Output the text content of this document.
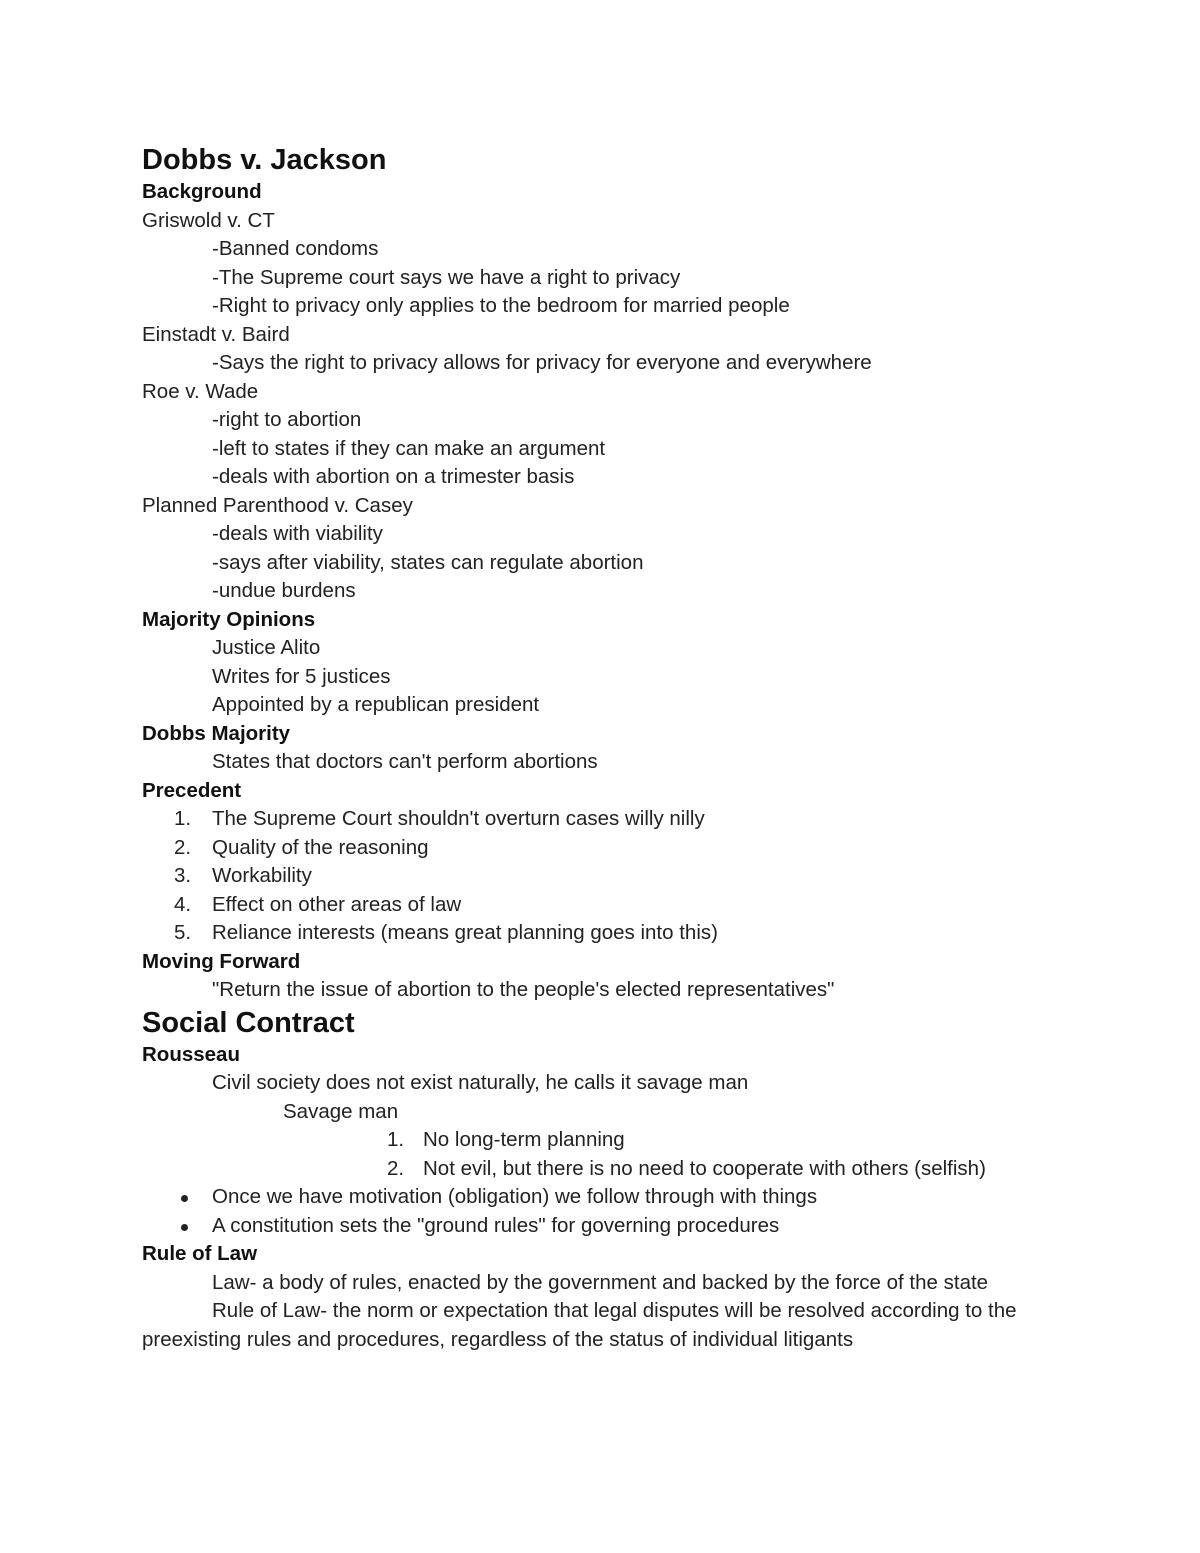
Dobbs v. Jackson
Background
Griswold v. CT
-Banned condoms
-The Supreme court says we have a right to privacy
-Right to privacy only applies to the bedroom for married people
Einstadt v. Baird
-Says the right to privacy allows for privacy for everyone and everywhere
Roe v. Wade
-right to abortion
-left to states if they can make an argument
-deals with abortion on a trimester basis
Planned Parenthood v. Casey
-deals with viability
-says after viability, states can regulate abortion
-undue burdens
Majority Opinions
Justice Alito
Writes for 5 justices
Appointed by a republican president
Dobbs Majority
States that doctors can't perform abortions
Precedent
1. The Supreme Court shouldn't overturn cases willy nilly
2. Quality of the reasoning
3. Workability
4. Effect on other areas of law
5. Reliance interests (means great planning goes into this)
Moving Forward
"Return the issue of abortion to the people's elected representatives"
Social Contract
Rousseau
Civil society does not exist naturally, he calls it savage man
Savage man
1. No long-term planning
2. Not evil, but there is no need to cooperate with others (selfish)
Once we have motivation (obligation) we follow through with things
A constitution sets the "ground rules" for governing procedures
Rule of Law
Law- a body of rules, enacted by the government and backed by the force of the state
Rule of Law- the norm or expectation that legal disputes will be resolved according to the preexisting rules and procedures, regardless of the status of individual litigants
